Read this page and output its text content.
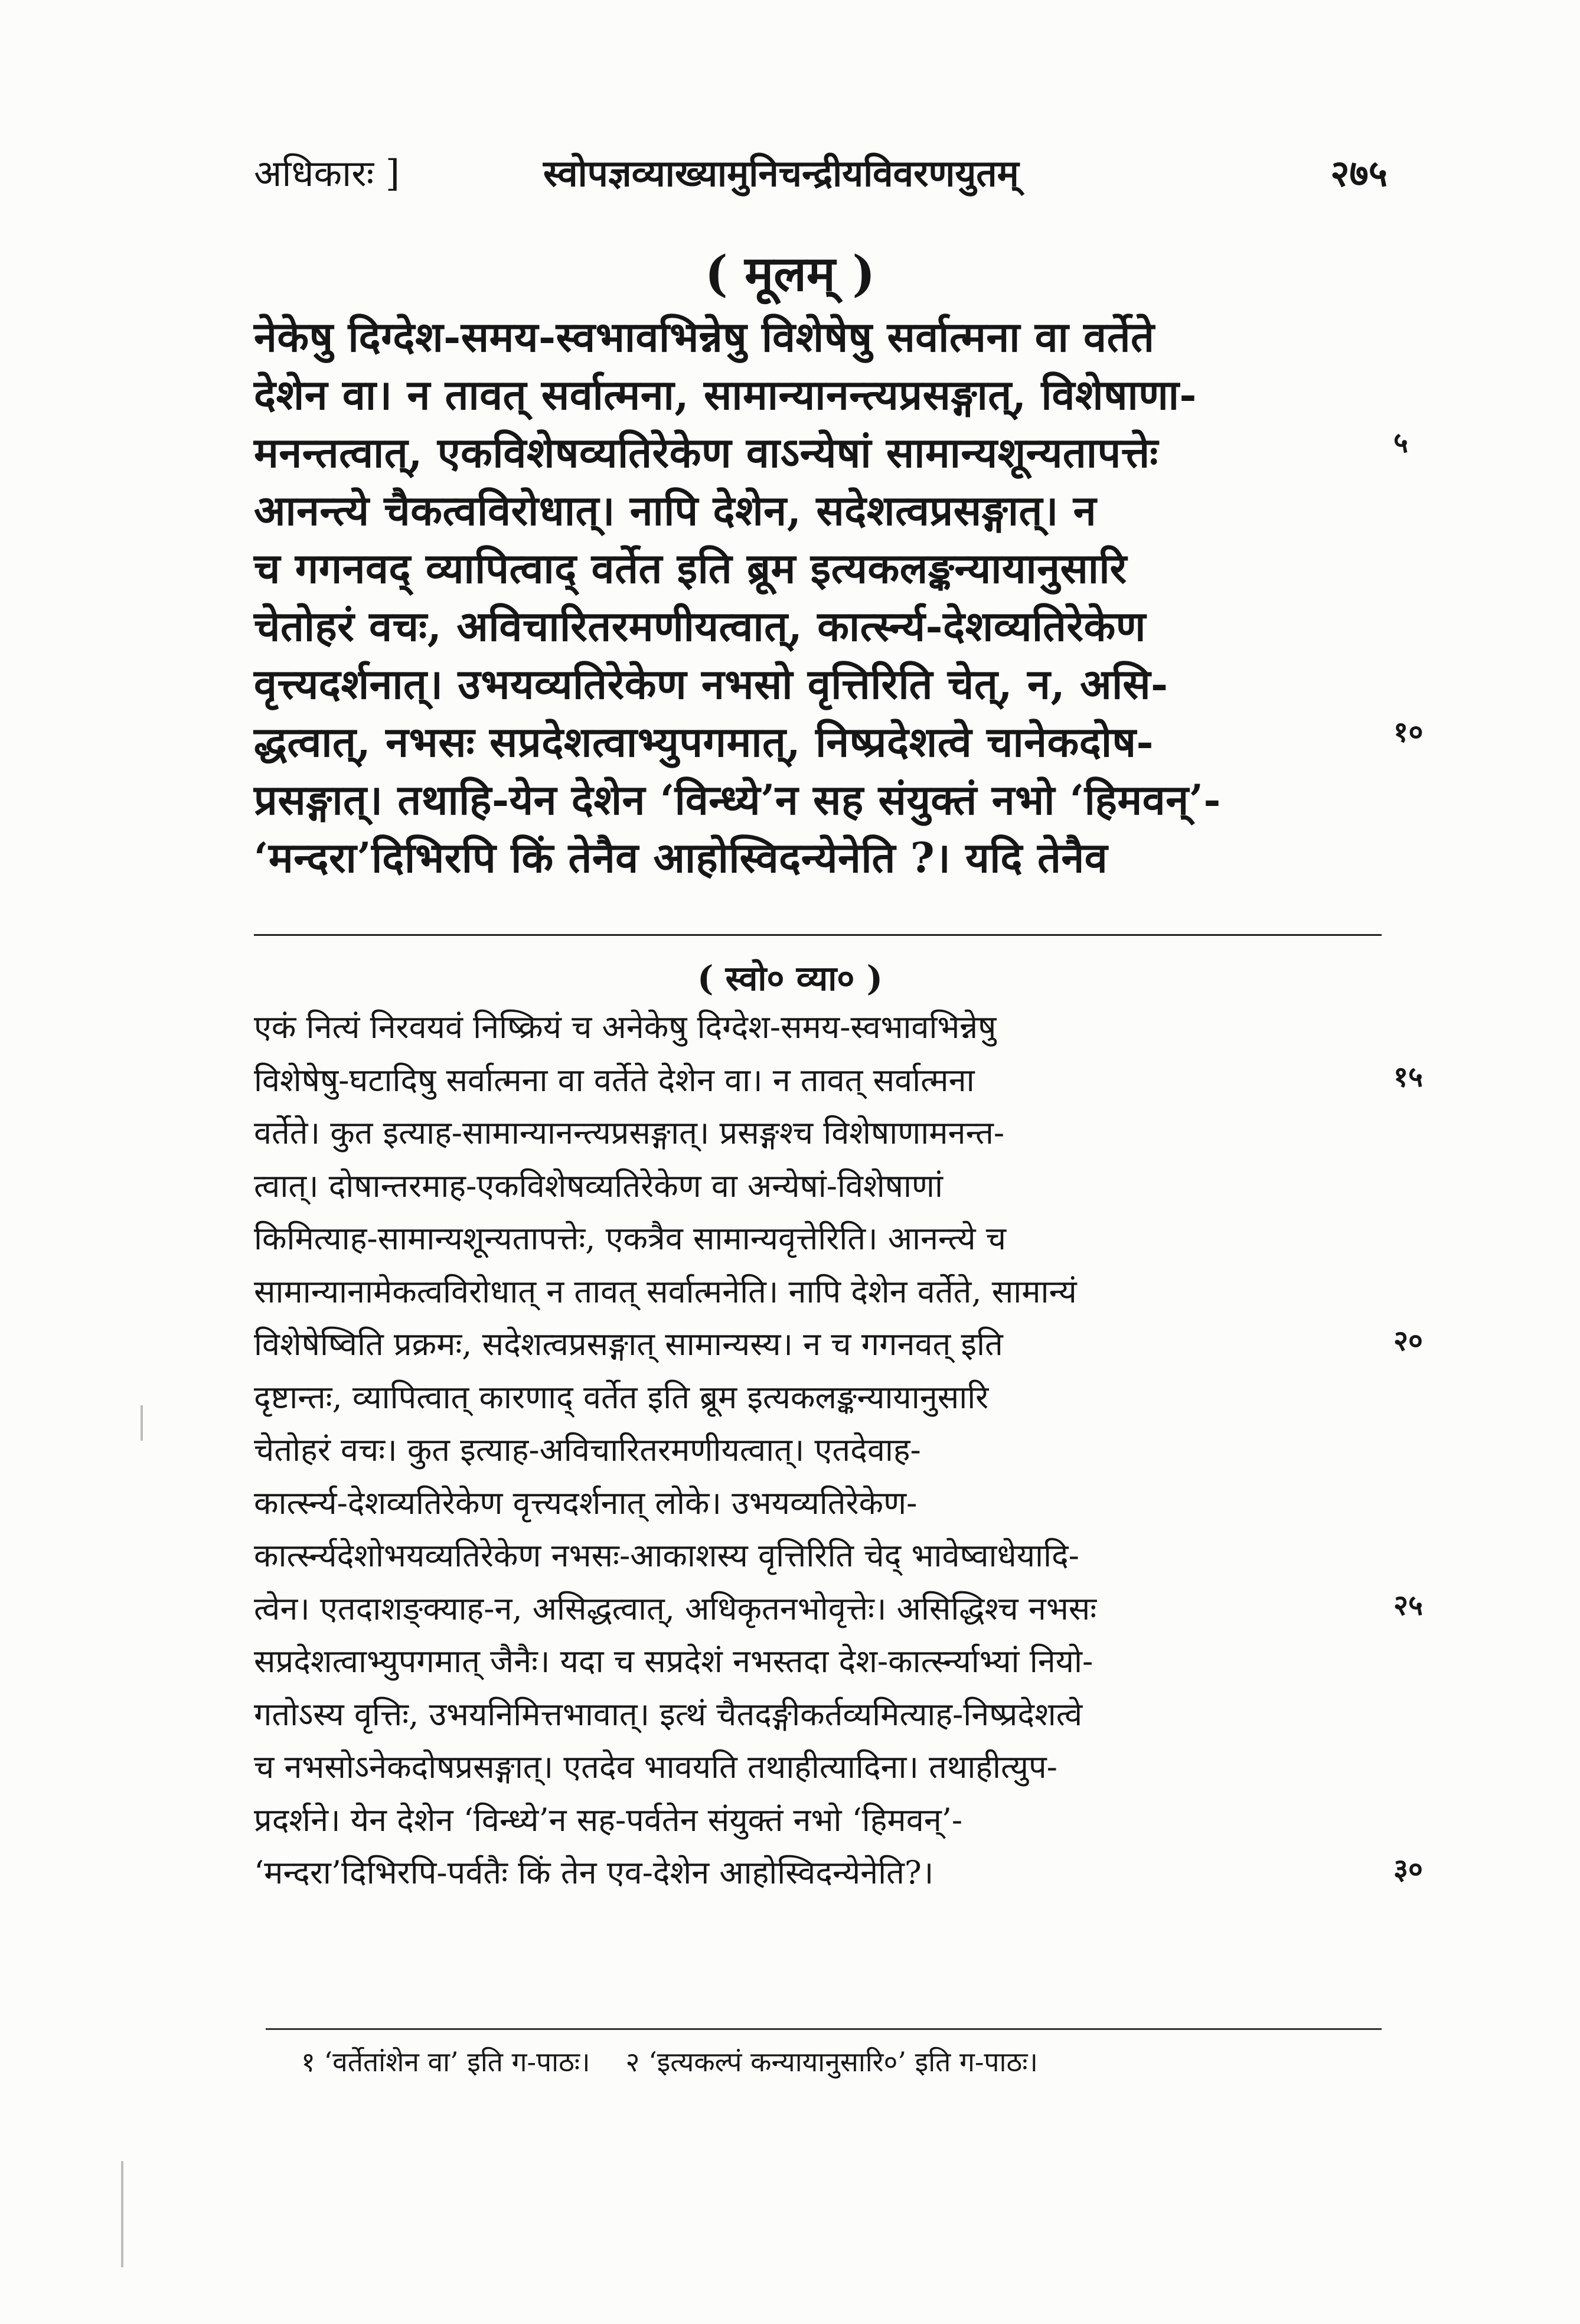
अधिकारः ]	स्वोपज्ञव्याख्यामुनिचन्द्रीयविवरणयुतम्	२७५
( मूलम् )
नेकेषु दिग्देश-समय-स्वभावभिन्नेषु विशेषेषु सर्वात्मना वा वर्तेते
देशेन वा। न तावत् सर्वात्मना, सामान्यानन्त्यप्रसङ्गात्, विशेषाणा-
मनन्तत्वात्, एकविशेषव्यतिरेकेण वाऽन्येषां सामान्यशून्यतापत्तेः	५
आनन्त्ये चैकत्वविरोधात्। नापि देशेन, सदेशत्वप्रसङ्गात्। न
च गगनवद् व्यापित्वाद् वर्तेत इति ब्रूम इत्यकलङ्कन्यायानुसारि
चेतोहरं वचः, अविचारितरमणीयत्वात्, कार्त्स्न्य-देशव्यतिरेकेण
वृत्त्यदर्शनात्। उभयव्यतिरेकेण नभसो वृत्तिरिति चेत्, न, असि-
द्धत्वात्, नभसः सप्रदेशत्वाभ्युपगमात्, निष्प्रदेशत्वे चानेकदोष-	१०
प्रसङ्गात्। तथाहि-येन देशेन ‘विन्ध्ये’न सह संयुक्तं नभो ‘हिमवन्’-
‘मन्दरा’दिभिरपि किं तेनैव आहोस्विदन्येनेति ?। यदि तेनैव
( स्वो० व्या० )
एकं नित्यं निरवयवं निष्क्रियं च अनेकेषु दिग्देश-समय-स्वभावभिन्नेषु
विशेषेषु-घटादिषु सर्वात्मना वा वर्तेते देशेन वा। न तावत् सर्वात्मना	१५
वर्तेते। कुत इत्याह-सामान्यानन्त्यप्रसङ्गात्। प्रसङ्गश्च विशेषाणामनन्त-
त्वात्। दोषान्तरमाह-एकविशेषव्यतिरेकेण वा अन्येषां-विशेषाणां
किमित्याह-सामान्यशून्यतापत्तेः, एकत्रैव सामान्यवृत्तेरिति। आनन्त्ये च
सामान्यानामेकत्वविरोधात् न तावत् सर्वात्मनेति। नापि देशेन वर्तेते, सामान्यं
विशेषेष्विति प्रक्रमः, सदेशत्वप्रसङ्गात् सामान्यस्य। न च गगनवत् इति	२०
दृष्टान्तः, व्यापित्वात् कारणाद् वर्तेत इति ब्रूम इत्यकलङ्कन्यायानुसारि
चेतोहरं वचः। कुत इत्याह-अविचारितरमणीयत्वात्। एतदेवाह-
कार्त्स्न्य-देशव्यतिरेकेण वृत्त्यदर्शनात् लोके। उभयव्यतिरेकेण-
कार्त्स्न्यदेशोभयव्यतिरेकेण नभसः-आकाशस्य वृत्तिरिति चेद् भावेष्वाधेयादि-
त्वेन। एतदाशङ्क्याह-न, असिद्धत्वात्, अधिकृतनभोवृत्तेः। असिद्धिश्च नभसः	२५
सप्रदेशत्वाभ्युपगमात् जैनैः। यदा च सप्रदेशं नभस्तदा देश-कार्त्स्न्याभ्यां नियो-
गतोऽस्य वृत्तिः, उभयनिमित्तभावात्। इत्थं चैतदङ्गीकर्तव्यमित्याह-निष्प्रदेशत्वे
च नभसोऽनेकदोषप्रसङ्गात्। एतदेव भावयति तथाहीत्यादिना। तथाहीत्युप-
प्रदर्शने। येन देशेन ‘विन्ध्ये’न सह-पर्वतेन संयुक्तं नभो ‘हिमवन्’-
‘मन्दरा’दिभिरपि-पर्वतैः किं तेन एव-देशेन आहोस्विदन्येनेति?।	३०
१ ‘वर्तेतांशेन वा’ इति ग-पाठः। २ ‘इत्यकल्पं कन्यायानुसारि०’ इति ग-पाठः।
